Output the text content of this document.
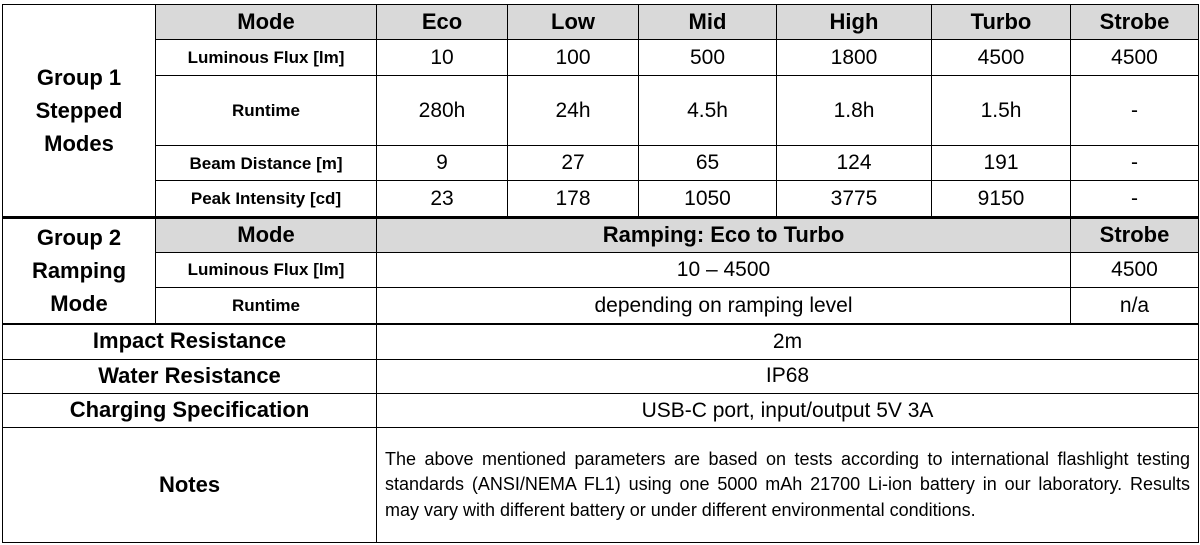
Group 1
Stepped
Modes	Mode	Eco	Low	Mid	High	Turbo	Strobe
	Luminous Flux [lm]	10	100	500	1800	4500	4500
	Runtime	280h	24h	4.5h	1.8h	1.5h	-
	Beam Distance [m]	9	27	65	124	191	-
	Peak Intensity [cd]	23	178	1050	3775	9150	-
Group 2
Ramping
Mode	Mode	Ramping: Eco to Turbo					Strobe
	Luminous Flux [lm]	10 – 4500					4500
	Runtime	depending on ramping level					n/a
Impact Resistance		2m					
Water Resistance		IP68					
Charging Specification		USB-C port, input/output 5V 3A					
Notes		The above mentioned parameters are based on tests according to international flashlight testing standards (ANSI/NEMA FL1) using one 5000 mAh 21700 Li-ion battery in our laboratory. Results may vary with different battery or under different environmental conditions.					
